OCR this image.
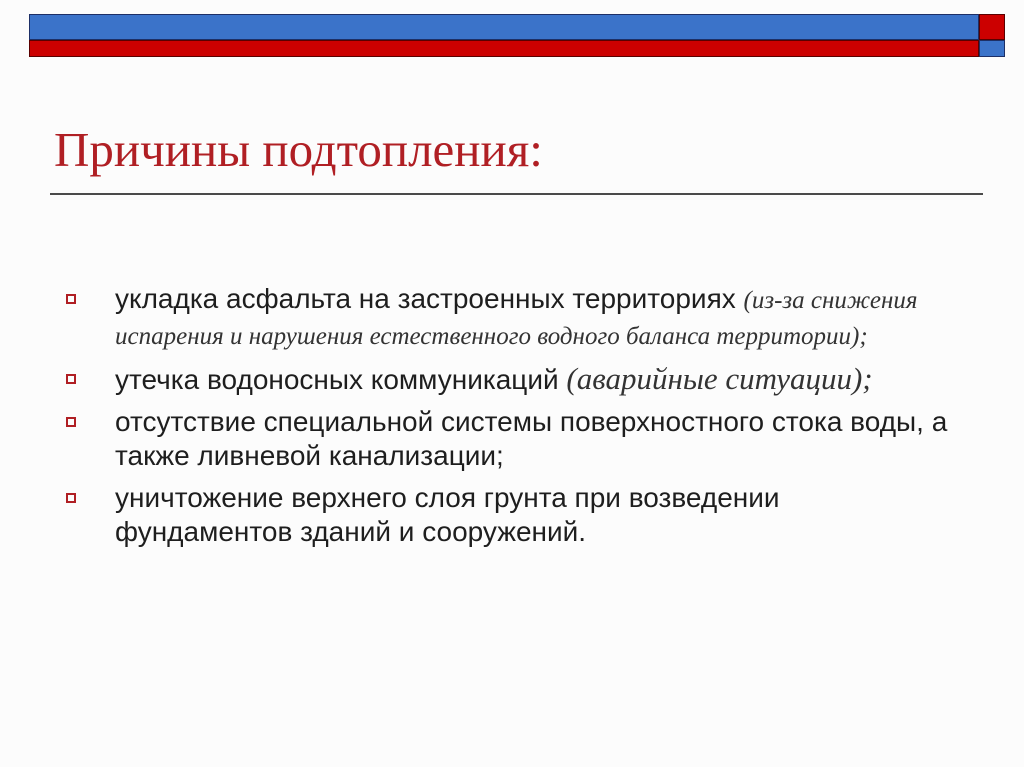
Причины подтопления:
укладка асфальта на застроенных территориях (из-за снижения испарения и нарушения естественного водного баланса территории);
утечка водоносных коммуникаций (аварийные ситуации);
отсутствие специальной системы поверхностного стока воды, а также ливневой канализации;
уничтожение верхнего слоя грунта при возведении фундаментов зданий и сооружений.
